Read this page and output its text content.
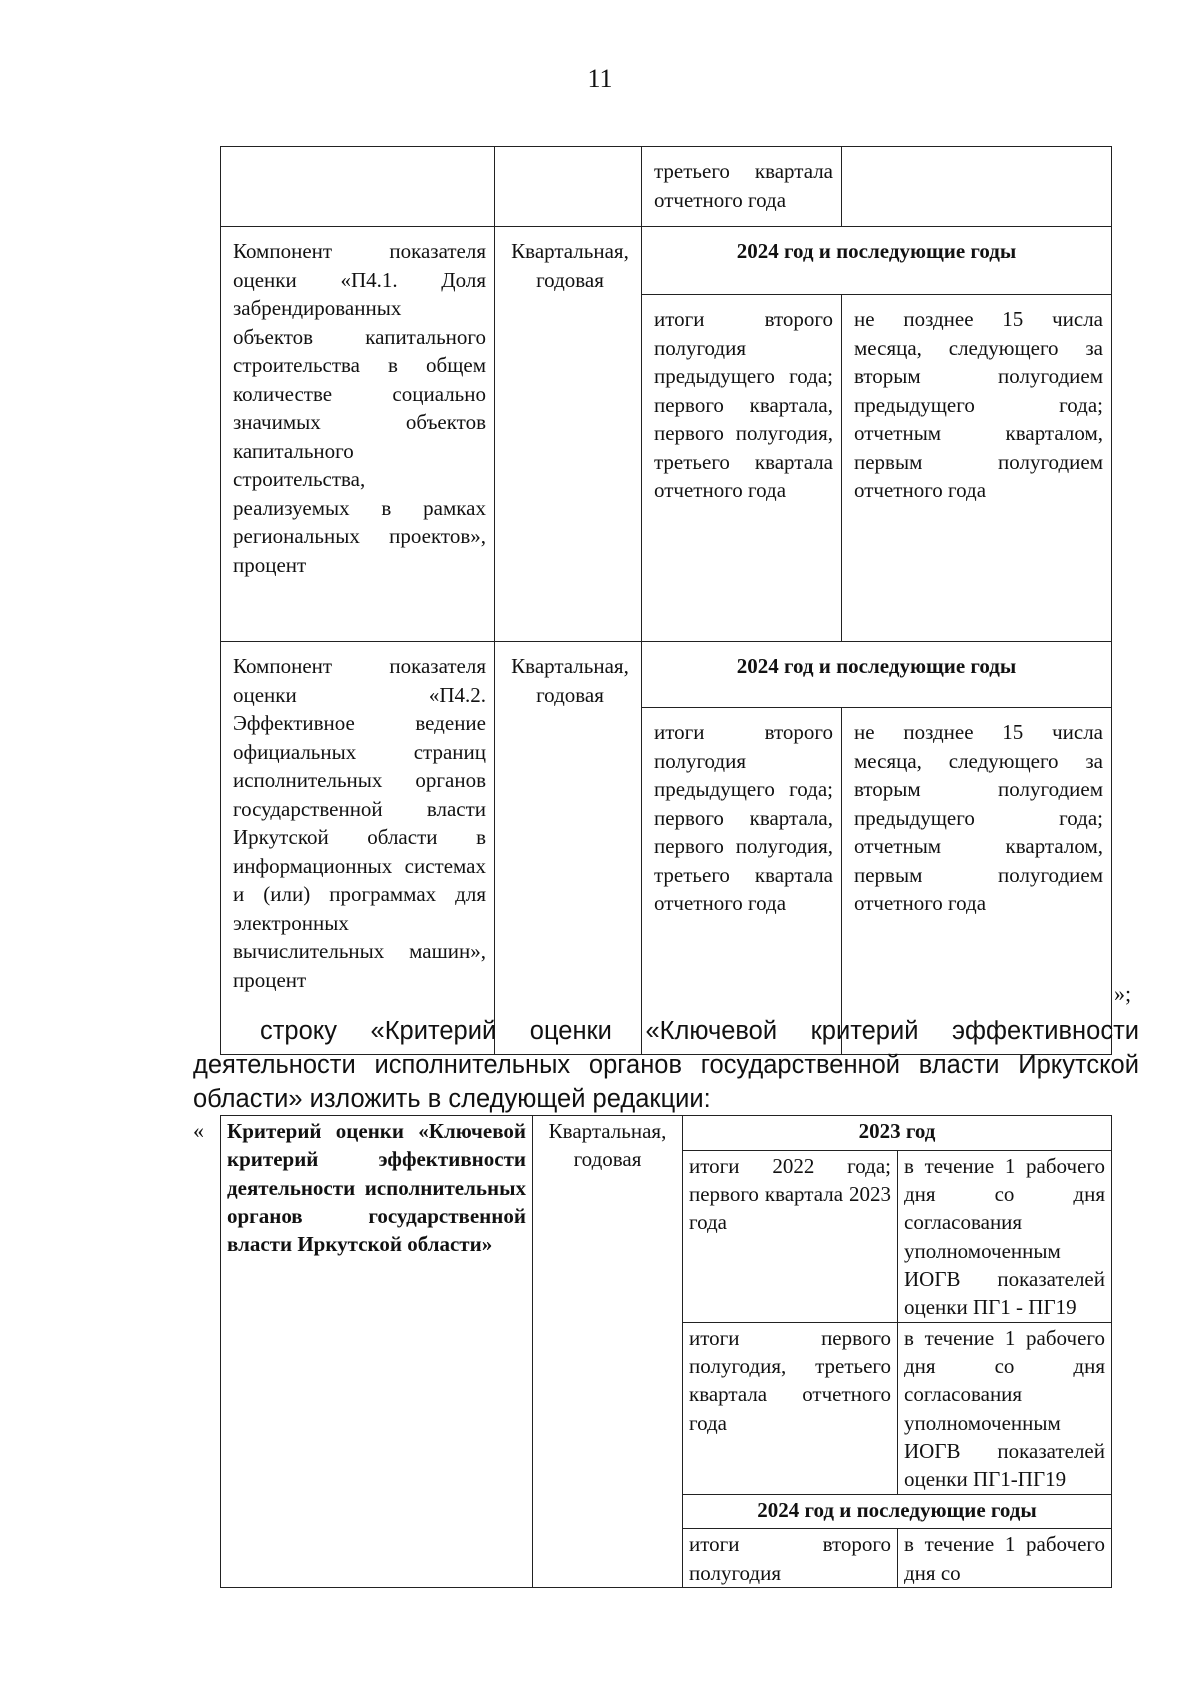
11
		третьего квартала отчетного года	
Компонент показателя оценки «П4.1. Доля забрендированных объектов капитального строительства в общем количестве социально значимых объектов капитального строительства, реализуемых в рамках региональных проектов», процент	Квартальная, годовая	2024 год и последующие годы	
		итоги второго полугодия предыдущего года; первого квартала, первого полугодия, третьего квартала отчетного года	не позднее 15 числа месяца, следующего за вторым полугодием предыдущего года; отчетным кварталом, первым полугодием отчетного года
Компонент показателя оценки «П4.2. Эффективное ведение официальных страниц исполнительных органов государственной власти Иркутской области в информационных системах и (или) программах для электронных вычислительных машин», процент	Квартальная, годовая	2024 год и последующие годы	
		итоги второго полугодия предыдущего года; первого квартала, первого полугодия, третьего квартала отчетного года	не позднее 15 числа месяца, следующего за вторым полугодием предыдущего года; отчетным кварталом, первым полугодием отчетного года
»;
строку «Критерий оценки «Ключевой критерий эффективности деятельности исполнительных органов государственной власти Иркутской области» изложить в следующей редакции:
« Критерий оценки «Ключевой критерий эффективности деятельности исполнительных органов государственной власти Иркутской области»	Квартальная, годовая	2023 год	
		итоги 2022 года; первого квартала 2023 года	в течение 1 рабочего дня со дня согласования уполномоченным ИОГВ показателей оценки ПГ1 - ПГ19
		итоги первого полугодия, третьего квартала отчетного года	в течение 1 рабочего дня со дня согласования уполномоченным ИОГВ показателей оценки ПГ1-ПГ19
		2024 год и последующие годы	
		итоги второго полугодия	в течение 1 рабочего дня со
